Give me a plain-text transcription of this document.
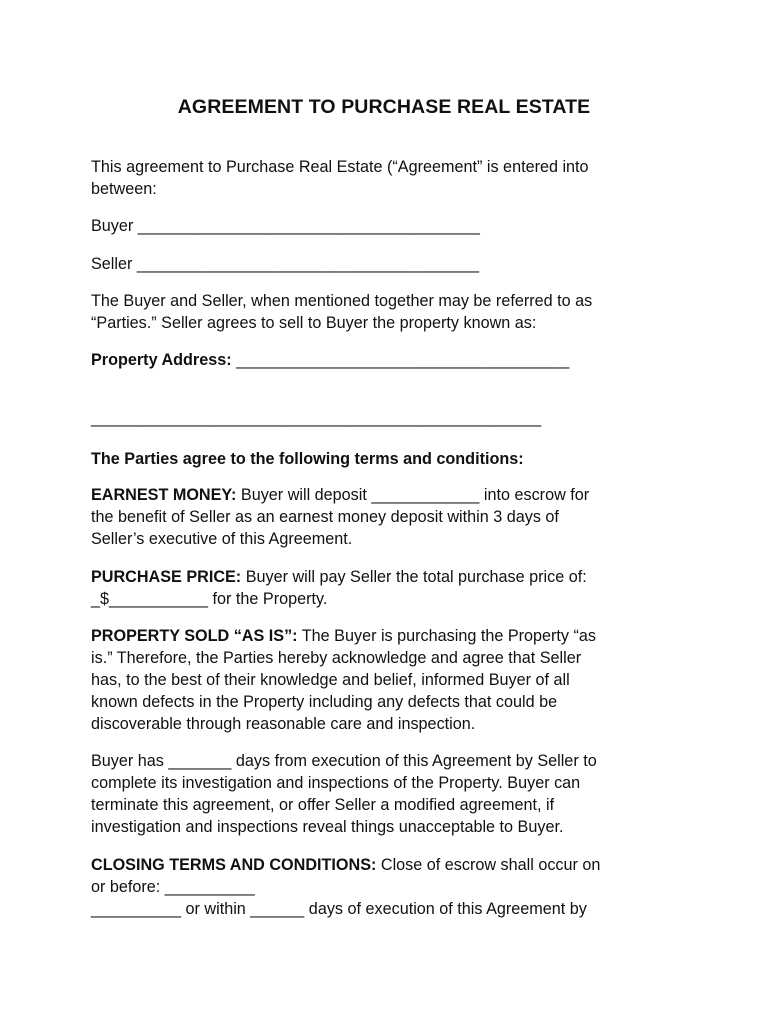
AGREEMENT TO PURCHASE REAL ESTATE
This agreement to Purchase Real Estate (“Agreement” is entered into
between:
Buyer ______________________________________
Seller ______________________________________
The Buyer and Seller, when mentioned together may be referred to as
“Parties.” Seller agrees to sell to Buyer the property known as:
Property Address: _____________________________________
__________________________________________________
The Parties agree to the following terms and conditions:
EARNEST MONEY: Buyer will deposit ____________ into escrow for
the benefit of Seller as an earnest money deposit within 3 days of
Seller’s executive of this Agreement.
PURCHASE PRICE: Buyer will pay Seller the total purchase price of:
_$___________ for the Property.
PROPERTY SOLD “AS IS”: The Buyer is purchasing the Property “as
is.” Therefore, the Parties hereby acknowledge and agree that Seller
has, to the best of their knowledge and belief, informed Buyer of all
known defects in the Property including any defects that could be
discoverable through reasonable care and inspection.
Buyer has _______ days from execution of this Agreement by Seller to
complete its investigation and inspections of the Property. Buyer can
terminate this agreement, or offer Seller a modified agreement, if
investigation and inspections reveal things unacceptable to Buyer.
CLOSING TERMS AND CONDITIONS: Close of escrow shall occur on
or before: __________
__________ or within ______ days of execution of this Agreement by
